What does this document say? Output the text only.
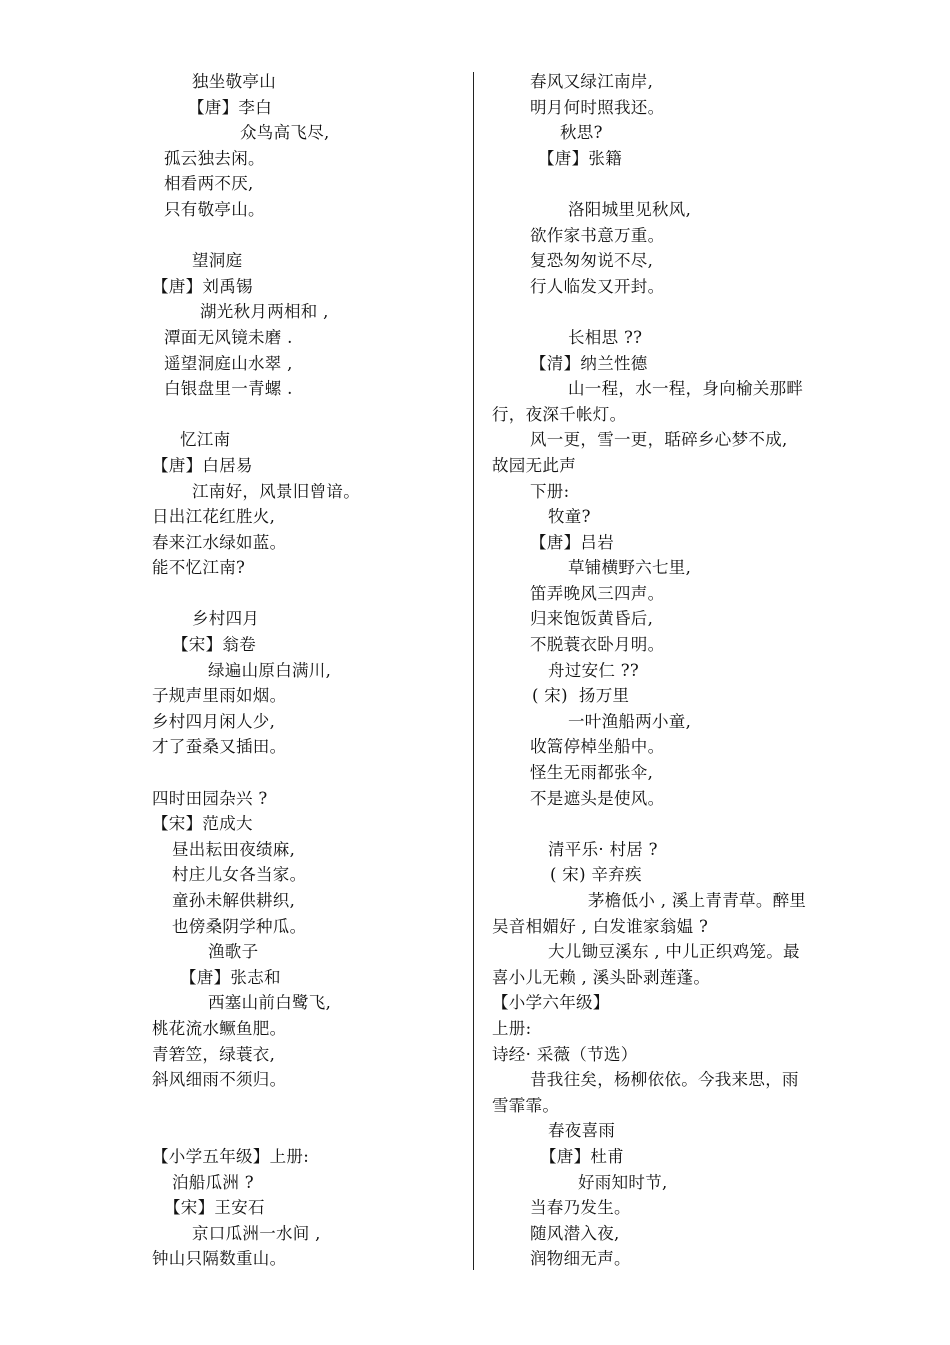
独坐敬亭山
【唐】李白
众鸟高飞尽,
孤云独去闲。
相看两不厌,
只有敬亭山。
望洞庭
【唐】刘禹锡
湖光秋月两相和 ,
潭面无风镜未磨 .
遥望洞庭山水翠 ,
白银盘里一青螺 .
忆江南
【唐】白居易
江南好，风景旧曾谙。
日出江花红胜火,
春来江水绿如蓝。
能不忆江南?
乡村四月
【宋】翁卷
绿遍山原白满川,
子规声里雨如烟。
乡村四月闲人少,
才了蚕桑又插田。
四时田园杂兴 ?
【宋】范成大
昼出耘田夜绩麻,
村庄儿女各当家。
童孙未解供耕织,
也傍桑阴学种瓜。
渔歌子
【唐】张志和
西塞山前白鹭飞,
桃花流水鳜鱼肥。
青箬笠，绿蓑衣,
斜风细雨不须归。
【小学五年级】上册:
泊船瓜洲 ?
【宋】王安石
京口瓜洲一水间 ,
钟山只隔数重山。
春风又绿江南岸,
明月何时照我还。
秋思?
【唐】张籍
洛阳城里见秋风,
欲作家书意万重。
复恐匆匆说不尽,
行人临发又开封。
长相思 ??
【清】纳兰性德
山一程，水一程，身向榆关那畔
行，夜深千帐灯。
风一更，雪一更，聒碎乡心梦不成,
故园无此声
下册:
牧童?
【唐】吕岩
草铺横野六七里,
笛弄晚风三四声。
归来饱饭黄昏后,
不脱蓑衣卧月明。
舟过安仁 ??
( 宋)  扬万里
一叶渔船两小童,
收篙停棹坐船中。
怪生无雨都张伞,
不是遮头是使风。
清平乐· 村居 ?
( 宋) 辛弃疾
茅檐低小 , 溪上青青草。醉里
吴音相媚好 , 白发谁家翁媪 ?
大儿锄豆溪东 , 中儿正织鸡笼。最
喜小儿无赖 , 溪头卧剥莲蓬。
【小学六年级】
上册:
诗经· 采薇（节选）
昔我往矣，杨柳依依。今我来思，雨
雪霏霏。
春夜喜雨
【唐】杜甫
好雨知时节,
当春乃发生。
随风潜入夜,
润物细无声。
